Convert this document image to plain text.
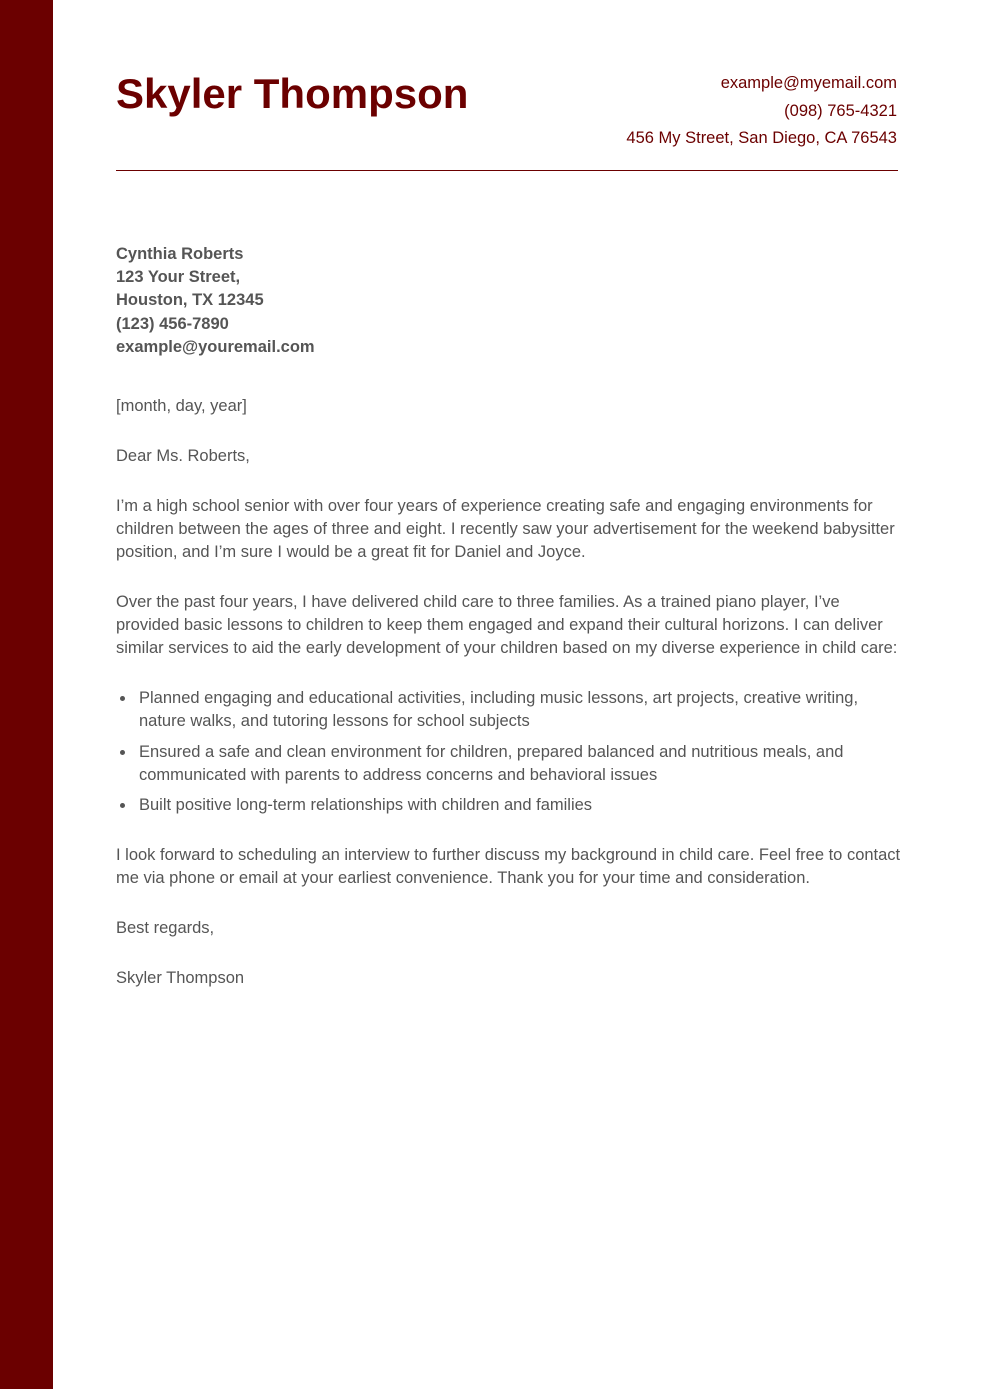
Skyler Thompson	example@myemail.com
(098) 765-4321
456 My Street, San Diego, CA 76543
Cynthia Roberts
123 Your Street,
Houston, TX 12345
(123) 456-7890
example@youremail.com

[month, day, year]

Dear Ms. Roberts,

I’m a high school senior with over four years of experience creating safe and engaging environments for children between the ages of three and eight. I recently saw your advertisement for the weekend babysitter position, and I’m sure I would be a great fit for Daniel and Joyce.

Over the past four years, I have delivered child care to three families. As a trained piano player, I’ve provided basic lessons to children to keep them engaged and expand their cultural horizons. I can deliver similar services to aid the early development of your children based on my diverse experience in child care:

Planned engaging and educational activities, including music lessons, art projects, creative writing, nature walks, and tutoring lessons for school subjects
Ensured a safe and clean environment for children, prepared balanced and nutritious meals, and communicated with parents to address concerns and behavioral issues
Built positive long-term relationships with children and families

I look forward to scheduling an interview to further discuss my background in child care. Feel free to contact me via phone or email at your earliest convenience. Thank you for your time and consideration.

Best regards,

Skyler Thompson
